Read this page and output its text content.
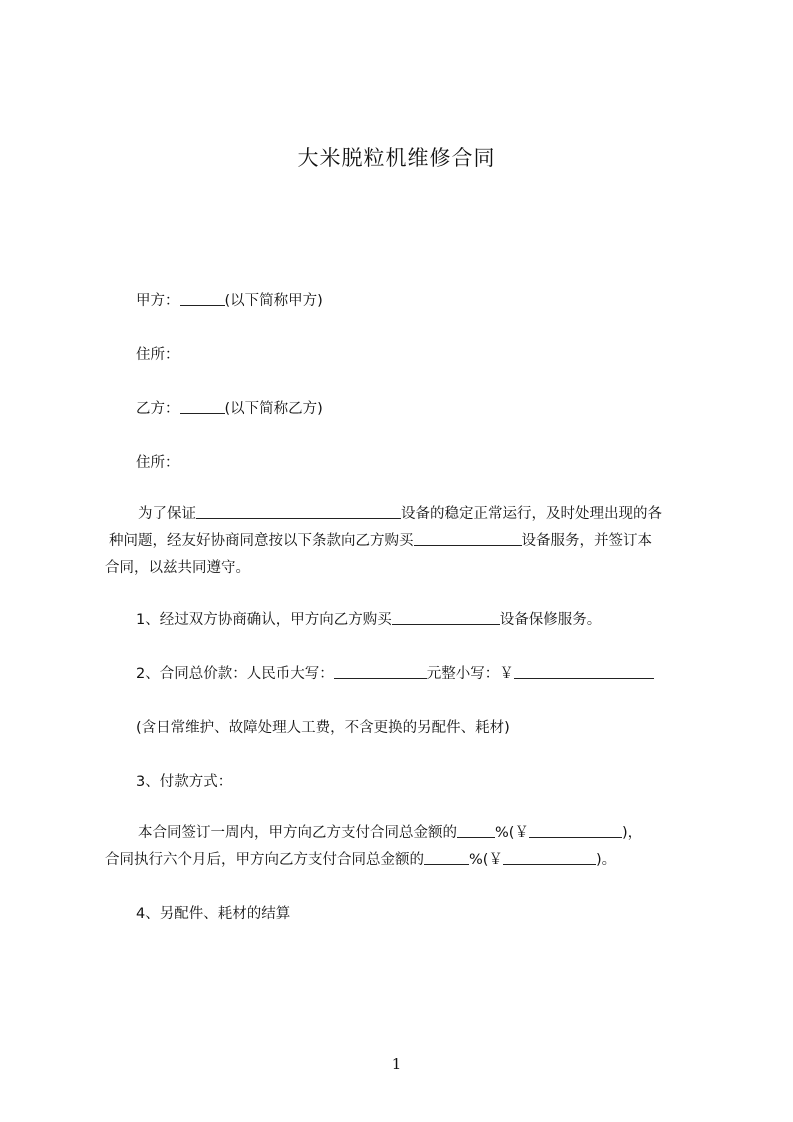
大米脱粒机维修合同
甲方：	(以下简称甲方)
住所：
乙方：	(以下简称乙方)
住所：
为了保证	设备的稳定正常运行，及时处理出现的各
种问题，经友好协商同意按以下条款向乙方购买	设备服务，并签订本
合同，以兹共同遵守。
1、经过双方协商确认，甲方向乙方购买	设备保修服务。
2、合同总价款：人民币大写：	元整小写：￥
(含日常维护、故障处理人工费，不含更换的另配件、耗材)
3、付款方式：
本合同签订一周内，甲方向乙方支付合同总金额的	%(￥	)，
合同执行六个月后，甲方向乙方支付合同总金额的	%(￥	)。
4、另配件、耗材的结算
1
